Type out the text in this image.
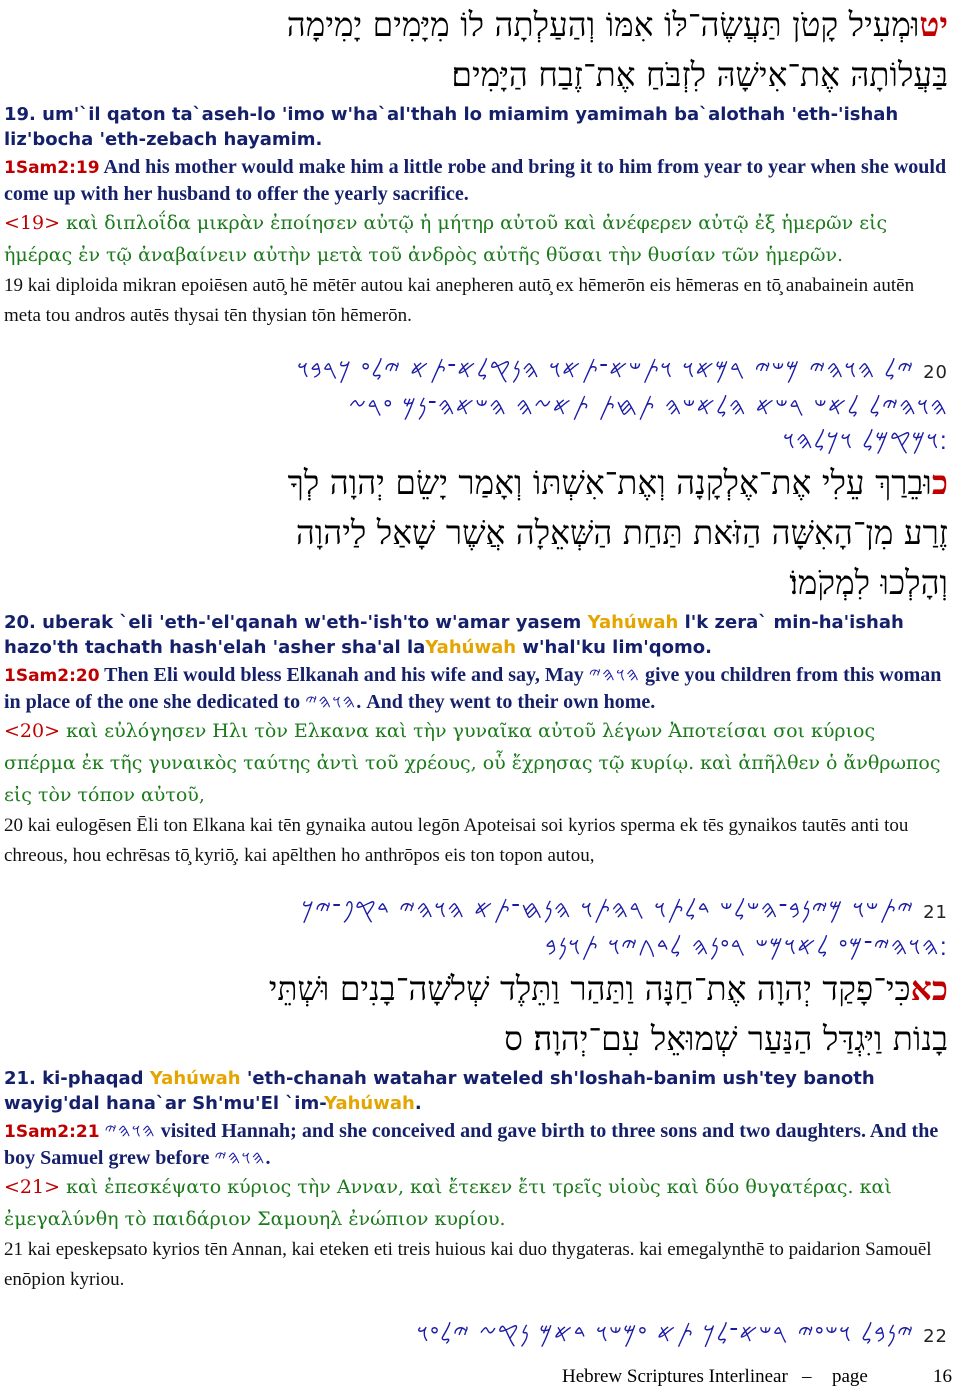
יטוּמְעִיל קָטֹן תַּעֲשֶׂה־לּוֹ אִמּוֹ וְהַעַלְתָה לוֹ מִיָּמִים יָמִימָה

בַּעֲלוֹתָהּ אֶת־אִישָׁהּ לִזְבֹּחַ אֶת־זֶבַח הַיָּמִים׃

19. um'`il qaton ta`aseh-lo 'imo w'ha`al'thah lo miamim yamimah ba`alothah 'eth-'ishah liz'bocha 'eth-zebach hayamim.

1Sam2:19 And his mother would make him a little robe and bring it to him from year to year when she would come up with her husband to offer the yearly sacrifice.

<19> καὶ διπλοΐδα μικρὰν ἐποίησεν αὐτῷ ἡ μήτηρ αὐτοῦ καὶ ἀνέφερεν αὐτῷ ἐξ ἡμερῶν εἰς ἡμέρας ἐν τῷ ἀναβαίνειν αὐτὴν μετὰ τοῦ ἀνδρὸς αὐτῆς θῦσαι τὴν θυσίαν τῶν ἡμερῶν.

19 kai diploida mikran epoiēsen autō̧ hē mētēr autou kai anepheren autō̧ ex hēmerōn eis hēmeras en tō̧ anabainein autēn meta tou andros autēs thysai tēn thysian tōn hēmerōn.

20 𐤉𐤋 𐤄𐤅𐤄𐤉 𐤌𐤔𐤉 𐤓𐤌𐤀𐤅 𐤅𐤕𐤔𐤀־𐤕𐤀𐤅 𐤄𐤍𐤒𐤋𐤀־𐤕𐤀 𐤉𐤋𐤏 𐤊𐤓𐤁𐤅

𐤄𐤅𐤄𐤉𐤋 𐤋𐤀𐤔 𐤓𐤔𐤀 𐤄𐤋𐤀𐤔𐤄 𐤕𐤇𐤕 𐤕𐤀𐤆𐤄 𐤄𐤔𐤀𐤄־𐤍𐤌 𐤏𐤓𐤆

׃𐤅𐤌𐤒𐤌𐤋 𐤅𐤊𐤋𐤄𐤅

כוּבֵרַךְ עֵלִי אֶת־אֶלְקָנָה וְאֶת־אִשְׁתּוֹ וְאָמַר יָשֵׂם יְהוָה לְךָ

זֶרַע מִן־הָאִשָּׁה הַזֹּאת תַּחַת הַשְּׁאֵלָה אֲשֶׁר שָׁאַל לַיהוָה

וְהָלְכוּ לִמְקֹמוֹ׃

20. uberak `eli 'eth-'el'qanah w'eth-'ish'to w'amar yasem Yahúwah l'k zera` min-ha'ishah hazo'th tachath hash'elah 'asher sha'al laYahúwah w'hal'ku lim'qomo.

1Sam2:20 Then Eli would bless Elkanah and his wife and say, May 𐤄𐤅𐤄𐤉 give you children from this woman in place of the one she dedicated to 𐤄𐤅𐤄𐤉. And they went to their own home.

<20> καὶ εὐλόγησεν Ηλι τὸν Ελκανα καὶ τὴν γυναῖκα αὐτοῦ λέγων Ἀποτείσαι σοι κύριος σπέρμα ἐκ τῆς γυναικὸς ταύτης ἀντὶ τοῦ χρέους, οὗ ἔχρησας τῷ κυρίῳ. καὶ ἀπῆλθεν ὁ ἄνθρωπος εἰς τὸν τόπον αὐτοῦ,

20 kai eulogēsen Ēli ton Elkana kai tēn gynaika autou legōn Apoteisai soi kyrios sperma ek tēs gynaikos tautēs anti tou chreous, hou echrēsas tō̧ kyriō̧. kai apēlthen ho anthrōpos eis ton topon autou,

21 𐤉𐤕𐤔𐤅 𐤌𐤉𐤍𐤁־𐤄𐤔𐤋𐤔 𐤃𐤋𐤕𐤅 𐤓𐤄𐤕𐤅 𐤄𐤍𐤇־𐤕𐤀 𐤄𐤅𐤄𐤉 𐤃𐤒𐤐־𐤉𐤊

׃𐤄𐤅𐤄𐤉־𐤌𐤏 𐤋𐤀𐤅𐤌𐤔 𐤓𐤏𐤍𐤄 𐤋𐤃𐤂𐤉𐤅 𐤕𐤅𐤍𐤁

כאכִּי־פָקַד יְהוָה אֶת־חַנָּה וַתַּהַר וַתֵּלֶד שְׁלֹשָׁה־בָנִים וּשְׁתֵּי

בָנוֹת וַיִּגְדַּל הַנַּעַר שְׁמוּאֵל עִם־יְהוָה׃ ס

21. ki-phaqad Yahúwah 'eth-chanah watahar wateled sh'loshah-banim ush'tey banoth wayig'dal hana`ar Sh'mu'El `im-Yahúwah.

1Sam2:21 𐤄𐤅𐤄𐤉 visited Hannah; and she conceived and gave birth to three sons and two daughters. And the boy Samuel grew before 𐤄𐤅𐤄𐤉.

<21> καὶ ἐπεσκέψατο κύριος τὴν Ανναν, καὶ ἔτεκεν ἔτι τρεῖς υἱοὺς καὶ δύο θυγατέρας. καὶ ἐμεγαλύνθη τὸ παιδάριον Σαμουηλ ἐνώπιον κυρίου.

21 kai epeskepsato kyrios tēn Annan, kai eteken eti treis huious kai duo thygateras. kai emegalynthē to paidarion Samouēl enōpion kyriou.

22 𐤉𐤍𐤁𐤋 𐤅𐤔𐤏𐤉 𐤓𐤔𐤀־𐤋𐤊 𐤕𐤀 𐤏𐤌𐤔𐤅 𐤃𐤀𐤌 𐤍𐤒𐤆 𐤉𐤋𐤏𐤅

Hebrew Scriptures Interlinear – page	16
